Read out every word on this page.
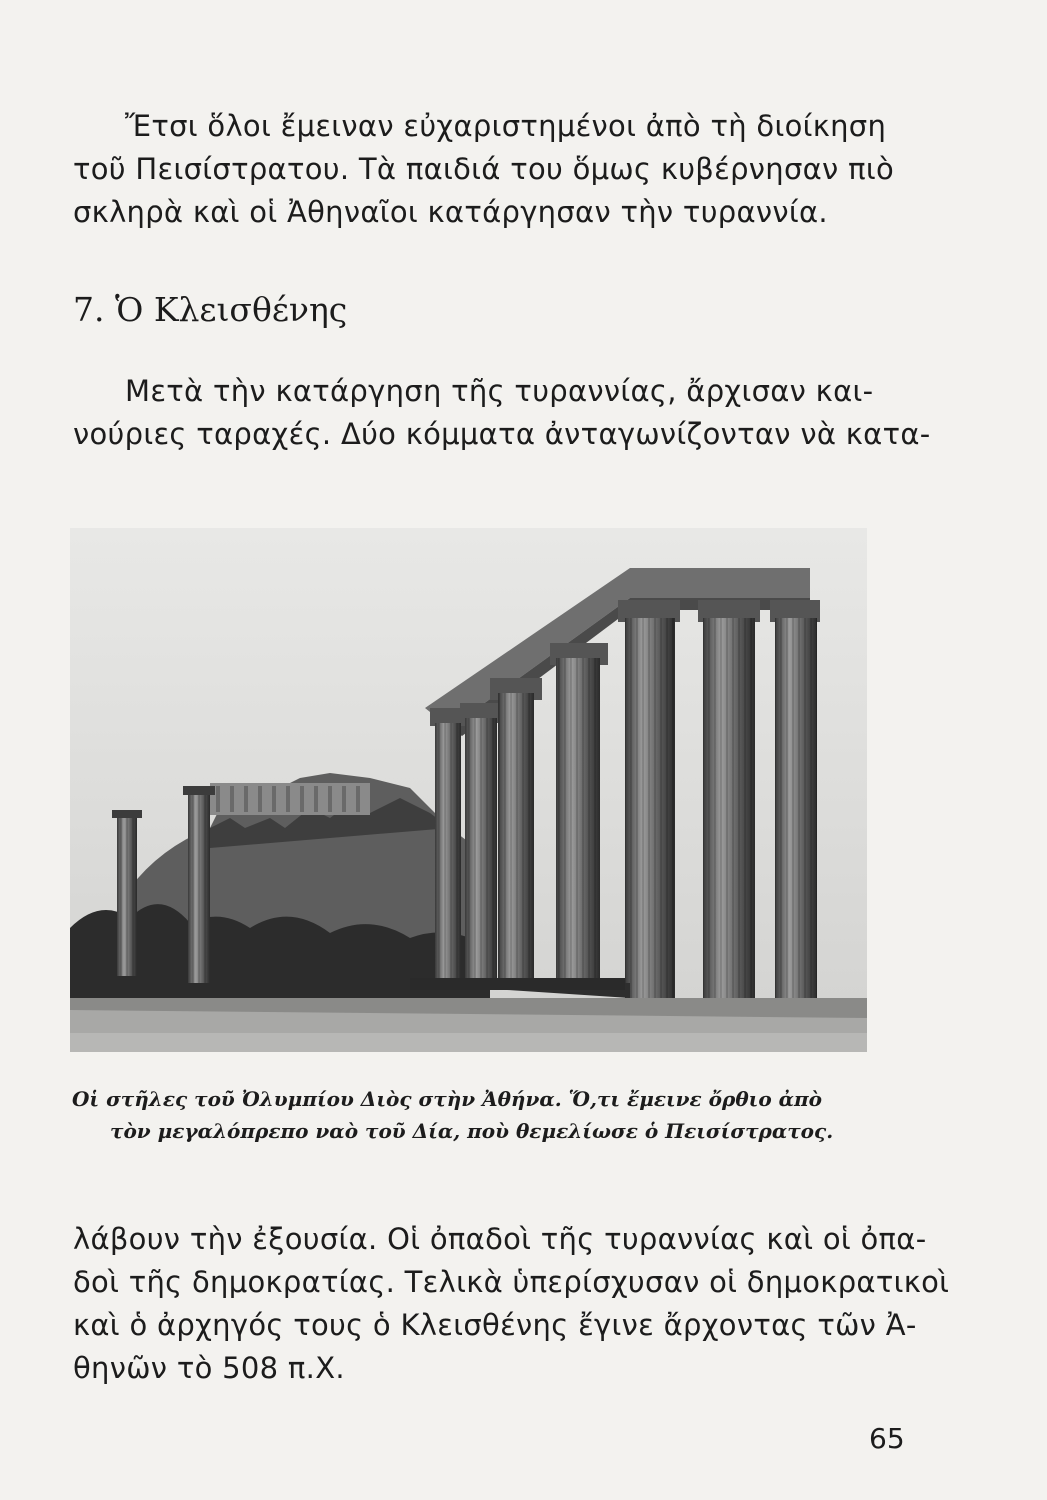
Ἔτσι ὅλοι ἔμειναν εὐχαριστημένοι ἀπὸ τὴ διοίκηση
τοῦ Πεισίστρατου. Τὰ παιδιά του ὅμως κυβέρνησαν πιὸ
σκληρὰ καὶ οἱ Ἀθηναῖοι κατάργησαν τὴν τυραννία.
7. Ὁ Κλεισθένης
Μετὰ τὴν κατάργηση τῆς τυραννίας, ἄρχισαν και-
νούριες ταραχές. Δύο κόμματα ἀνταγωνίζονταν νὰ κατα-
Οἱ στῆλες τοῦ Ὀλυμπίου Διὸς στὴν Ἀθήνα. Ὅ,τι ἔμεινε ὄρθιο ἀπὸ
τὸν μεγαλόπρεπο ναὸ τοῦ Δία, ποὺ θεμελίωσε ὁ Πεισίστρατος.
λάβουν τὴν ἐξουσία. Οἱ ὀπαδοὶ τῆς τυραννίας καὶ οἱ ὀπα-
δοὶ τῆς δημοκρατίας. Τελικὰ ὑπερίσχυσαν οἱ δημοκρατικοὶ
καὶ ὁ ἀρχηγός τους ὁ Κλεισθένης ἔγινε ἄρχοντας τῶν Ἀ-
θηνῶν τὸ 508 π.Χ.
65
